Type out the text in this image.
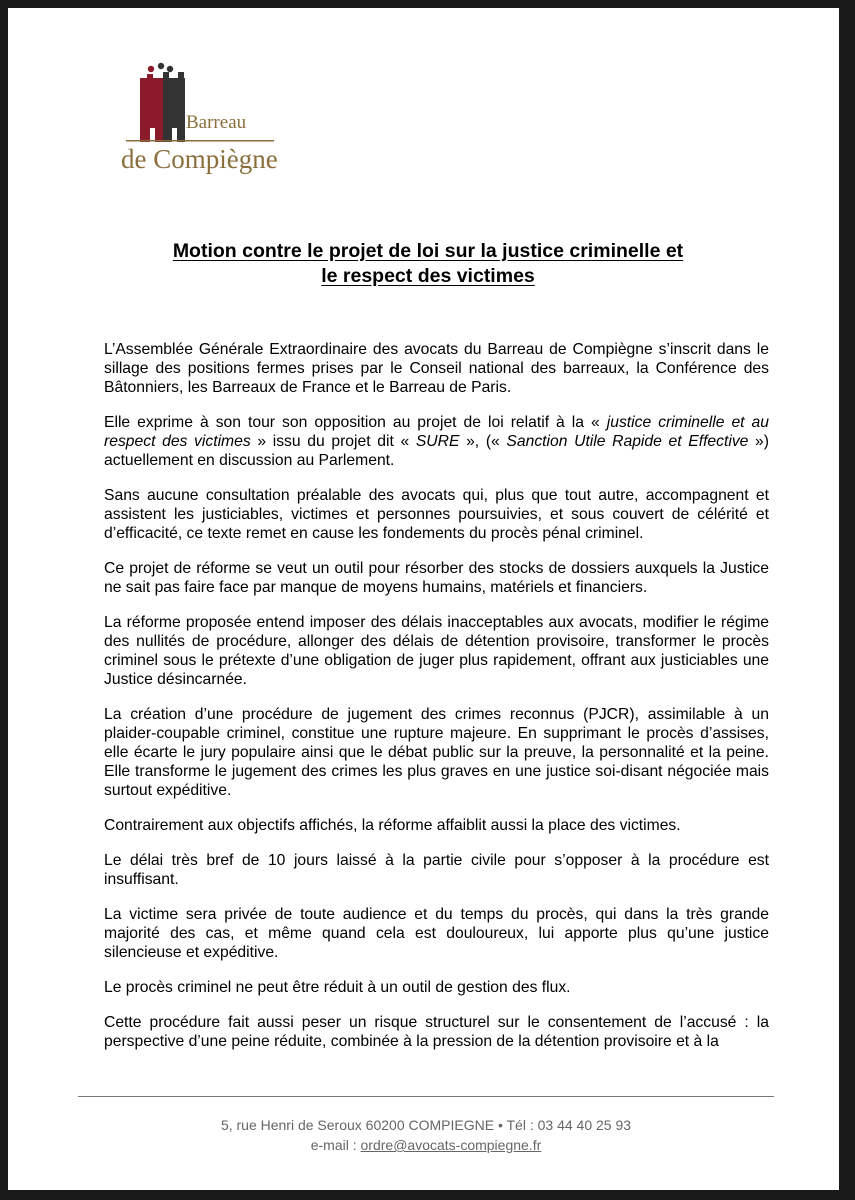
Barreau
de Compiègne
Motion contre le projet de loi sur la justice criminelle et
le respect des victimes

L’Assemblée Générale Extraordinaire des avocats du Barreau de Compiègne s’inscrit dans le sillage des positions fermes prises par le Conseil national des barreaux, la Conférence des Bâtonniers, les Barreaux de France et le Barreau de Paris.

Elle exprime à son tour son opposition au projet de loi relatif à la « justice criminelle et au respect des victimes » issu du projet dit « SURE », (« Sanction Utile Rapide et Effective ») actuellement en discussion au Parlement.

Sans aucune consultation préalable des avocats qui, plus que tout autre, accompagnent et assistent les justiciables, victimes et personnes poursuivies, et sous couvert de célérité et d’efficacité, ce texte remet en cause les fondements du procès pénal criminel.

Ce projet de réforme se veut un outil pour résorber des stocks de dossiers auxquels la Justice ne sait pas faire face par manque de moyens humains, matériels et financiers.

La réforme proposée entend imposer des délais inacceptables aux avocats, modifier le régime des nullités de procédure, allonger des délais de détention provisoire, transformer le procès criminel sous le prétexte d’une obligation de juger plus rapidement, offrant aux justiciables une Justice désincarnée.

La création d’une procédure de jugement des crimes reconnus (PJCR), assimilable à un plaider-coupable criminel, constitue une rupture majeure. En supprimant le procès d’assises, elle écarte le jury populaire ainsi que le débat public sur la preuve, la personnalité et la peine. Elle transforme le jugement des crimes les plus graves en une justice soi-disant négociée mais surtout expéditive.

Contrairement aux objectifs affichés, la réforme affaiblit aussi la place des victimes.

Le délai très bref de 10 jours laissé à la partie civile pour s’opposer à la procédure est insuffisant.

La victime sera privée de toute audience et du temps du procès, qui dans la très grande majorité des cas, et même quand cela est douloureux, lui apporte plus qu’une justice silencieuse et expéditive.

Le procès criminel ne peut être réduit à un outil de gestion des flux.

Cette procédure fait aussi peser un risque structurel sur le consentement de l’accusé : la perspective d’une peine réduite, combinée à la pression de la détention provisoire et à la

5, rue Henri de Seroux 60200 COMPIEGNE • Tél : 03 44 40 25 93
e-mail : ordre@avocats-compiegne.fr
